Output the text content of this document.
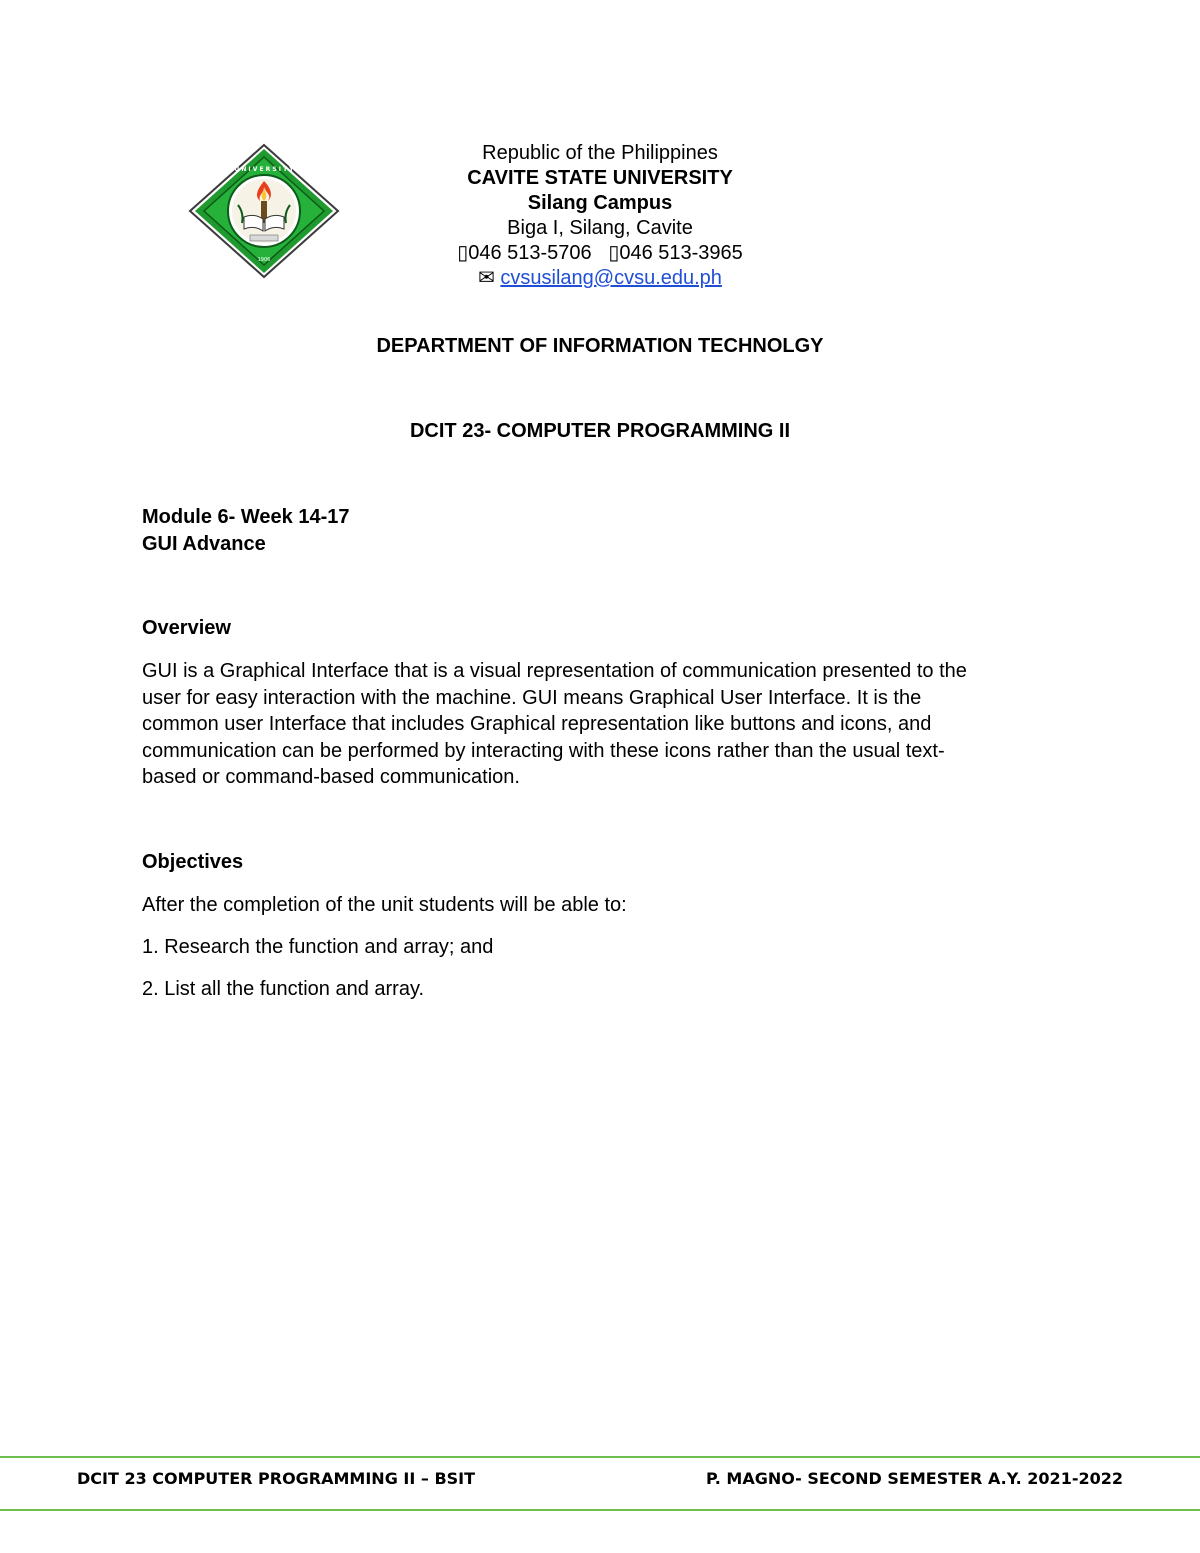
U N I V E R S I T Y
1906
Republic of the Philippines
CAVITE STATE UNIVERSITY
Silang Campus
Biga I, Silang, Cavite
▯046 513-5706 ▯046 513-3965
✉ cvsusilang@cvsu.edu.ph
DEPARTMENT OF INFORMATION TECHNOLGY
DCIT 23- COMPUTER PROGRAMMING II
Module 6- Week 14-17
GUI Advance
Overview
GUI is a Graphical Interface that is a visual representation of communication presented to the
user for easy interaction with the machine. GUI means Graphical User Interface. It is the
common user Interface that includes Graphical representation like buttons and icons, and
communication can be performed by interacting with these icons rather than the usual text-
based or command-based communication.
Objectives
After the completion of the unit students will be able to:
1. Research the function and array; and
2. List all the function and array.
DCIT 23 COMPUTER PROGRAMMING II – BSIT	P. MAGNO- SECOND SEMESTER A.Y. 2021-2022
